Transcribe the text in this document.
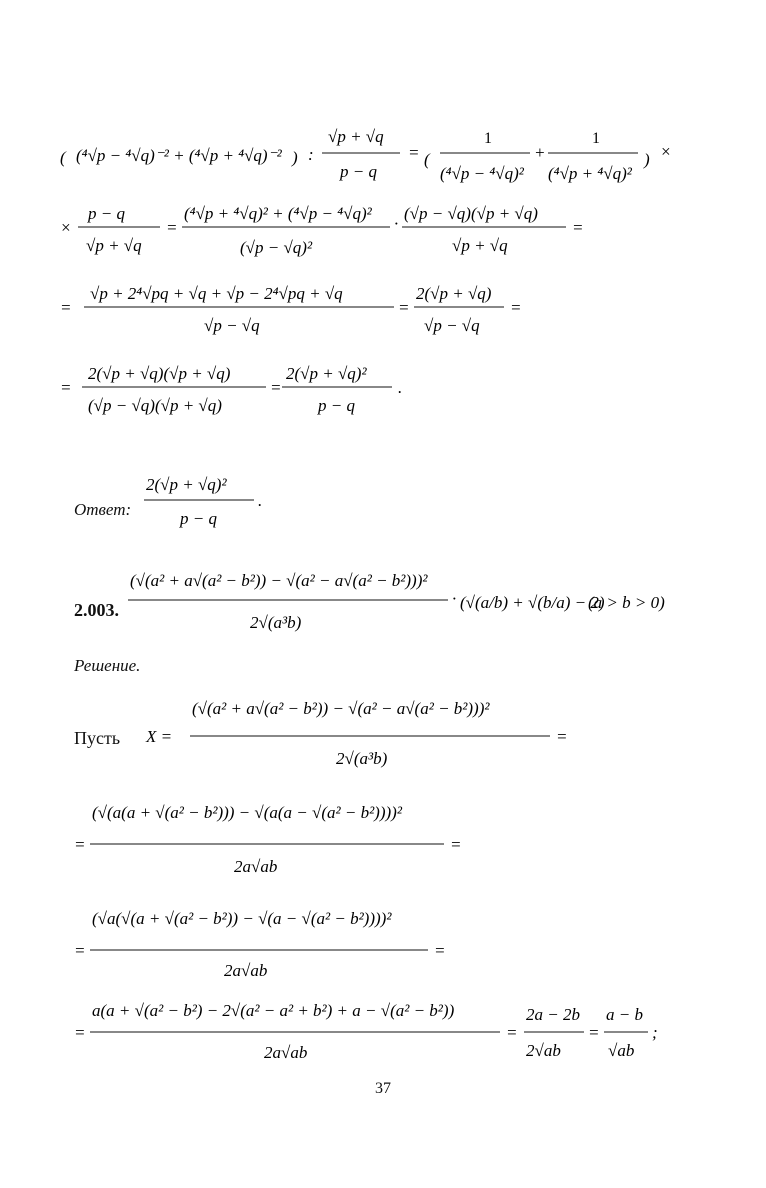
( (⁴√p − ⁴√q)⁻² + (⁴√p + ⁴√q)⁻² ) :
√p + √q
p − q
= (
1
(⁴√p − ⁴√q)²
+
1
(⁴√p + ⁴√q)²
) ×
×
p − q
√p + √q
=
(⁴√p + ⁴√q)² + (⁴√p − ⁴√q)²
(√p − √q)²
·
(√p − √q)(√p + √q)
√p + √q
=
=
√p + 2⁴√pq + √q + √p − 2⁴√pq + √q
√p − √q
=
2(√p + √q)
√p − √q
=
=
2(√p + √q)(√p + √q)
(√p − √q)(√p + √q)
=
2(√p + √q)²
p − q
.
Ответ:
2(√p + √q)²
p − q
.
2.003.
(√(a² + a√(a² − b²)) − √(a² − a√(a² − b²)))²
2√(a³b)
· (√(a/b) + √(b/a) − 2)
(a > b > 0)
Решение.
Пусть X =
(√(a² + a√(a² − b²)) − √(a² − a√(a² − b²)))²
2√(a³b)
=
=
(√(a(a + √(a² − b²))) − √(a(a − √(a² − b²))))²
2a√ab
=
=
(√a(√(a + √(a² − b²)) − √(a − √(a² − b²))))²
2a√ab
=
=
a(a + √(a² − b²) − 2√(a² − a² + b²) + a − √(a² − b²))
2a√ab
=
2a − 2b
2√ab
=
a − b
√ab
;
37
